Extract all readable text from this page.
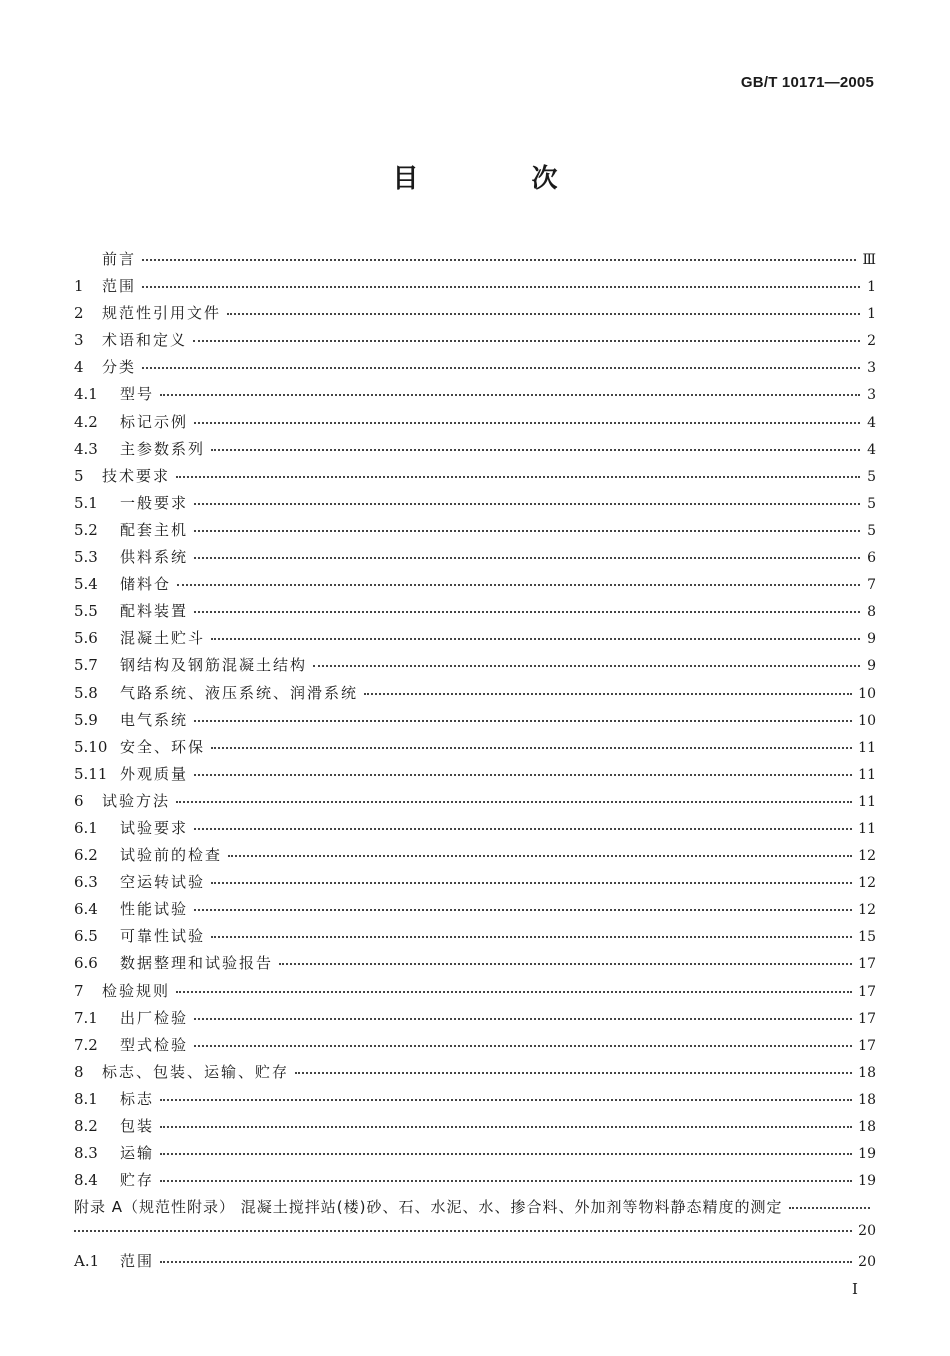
GB/T 10171—2005
目 次
前言	Ⅲ
1	范围	1
2	规范性引用文件	1
3	术语和定义	2
4	分类	3
4.1	型号	3
4.2	标记示例	4
4.3	主参数系列	4
5	技术要求	5
5.1	一般要求	5
5.2	配套主机	5
5.3	供料系统	6
5.4	储料仓	7
5.5	配料装置	8
5.6	混凝土贮斗	9
5.7	钢结构及钢筋混凝土结构	9
5.8	气路系统、液压系统、润滑系统	10
5.9	电气系统	10
5.10 安全、环保	11
5.11 外观质量	11
6	试验方法	11
6.1	试验要求	11
6.2	试验前的检查	12
6.3	空运转试验	12
6.4	性能试验	12
6.5	可靠性试验	15
6.6	数据整理和试验报告	17
7	检验规则	17
7.1	出厂检验	17
7.2	型式检验	17
8	标志、包装、运输、贮存	18
8.1	标志	18
8.2	包装	18
8.3	运输	19
8.4	贮存	19
附录 A（规范性附录） 混凝土搅拌站(楼)砂、石、水泥、水、掺合料、外加剂等物料静态精度的测定
20
A.1	范围	20
Ⅰ
